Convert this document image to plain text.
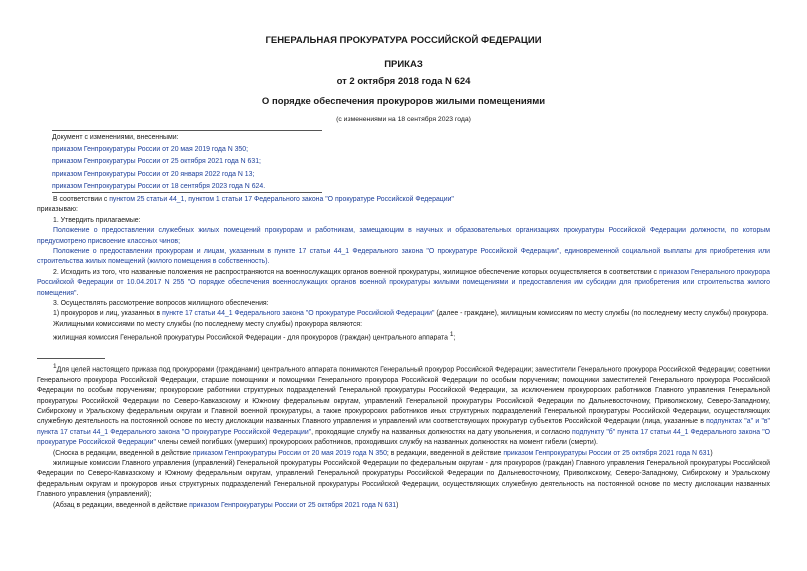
ГЕНЕРАЛЬНАЯ ПРОКУРАТУРА РОССИЙСКОЙ ФЕДЕРАЦИИ
ПРИКАЗ
от 2 октября 2018 года N 624
О порядке обеспечения прокуроров жилыми помещениями
(с изменениями на 18 сентября 2023 года)

Документ с изменениями, внесенными:

приказом Генпрокуратуры России от 20 мая 2019 года N 350;

приказом Генпрокуратуры России от 25 октября 2021 года N 631;

приказом Генпрокуратуры России от 20 января 2022 года N 13;

приказом Генпрокуратуры России от 18 сентября 2023 года N 624.

В соответствии с пунктом 25 статьи 44_1, пунктом 1 статьи 17 Федерального закона "О прокуратуре Российской Федерации"

приказываю:

1. Утвердить прилагаемые:

Положение о предоставлении служебных жилых помещений прокурорам и работникам, замещающим в научных и образовательных организациях прокуратуры Российской Федерации должности, по которым предусмотрено присвоение классных чинов;

Положение о предоставлении прокурорам и лицам, указанным в пункте 17 статьи 44_1 Федерального закона "О прокуратуре Российской Федерации", единовременной социальной выплаты для приобретения или строительства жилых помещений (жилого помещения в собственность).

2. Исходить из того, что названные положения не распространяются на военнослужащих органов военной прокуратуры, жилищное обеспечение которых осуществляется в соответствии с приказом Генерального прокурора Российской Федерации от 10.04.2017 N 255 "О порядке обеспечения военнослужащих органов военной прокуратуры жилыми помещениями и предоставления им субсидии для приобретения или строительства жилого помещения".

3. Осуществлять рассмотрение вопросов жилищного обеспечения:

1) прокуроров и лиц, указанных в пункте 17 статьи 44_1 Федерального закона "О прокуратуре Российской Федерации" (далее - граждане), жилищным комиссиям по месту службы (по последнему месту службы) прокурора.

Жилищными комиссиями по месту службы (по последнему месту службы) прокурора являются:

жилищная комиссия Генеральной прокуратуры Российской Федерации - для прокуроров (граждан) центрального аппарата $^1$;

$^1$Для целей настоящего приказа под прокурорами (гражданами) центрального аппарата понимаются Генеральный прокурор Российской Федерации; заместители Генерального прокурора Российской Федерации; советники Генерального прокурора Российской Федерации, старшие помощники и помощники Генерального прокурора Российской Федерации по особым поручениям; помощники заместителей Генерального прокурора Российской Федерации по особым поручениям; прокурорские работники структурных подразделений Генеральной прокуратуры Российской Федерации, за исключением прокурорских работников Главного управления Генеральной прокуратуры Российской Федерации по Северо-Кавказскому и Южному федеральным округам, управлений Генеральной прокуратуры Российской Федерации по Дальневосточному, Приволжскому, Северо-Западному, Сибирскому и Уральскому федеральным округам и Главной военной прокуратуры, а также прокурорских работников иных структурных подразделений Генеральной прокуратуры Российской Федерации, осуществляющих служебную деятельность на постоянной основе по месту дислокации названных Главного управления и управлений или соответствующих прокуратур субъектов Российской Федерации (лица, указанные в подпунктах "а" и "в" пункта 17 статьи 44_1 Федерального закона "О прокуратуре Российской Федерации", проходящие службу на названных должностях на дату увольнения, и согласно подпункту "б" пункта 17 статьи 44_1 Федерального закона "О прокуратуре Российской Федерации" члены семей погибших (умерших) прокурорских работников, проходивших службу на названных должностях на момент гибели (смерти).

(Сноска в редакции, введенной в действие приказом Генпрокуратуры России от 20 мая 2019 года N 350; в редакции, введенной в действие приказом Генпрокуратуры России от 25 октября 2021 года N 631)

жилищные комиссии Главного управления (управлений) Генеральной прокуратуры Российской Федерации по федеральным округам - для прокуроров (граждан) Главного управления Генеральной прокуратуры Российской Федерации по Северо-Кавказскому и Южному федеральным округам, управлений Генеральной прокуратуры Российской Федерации по Дальневосточному, Приволжскому, Северо-Западному, Сибирскому и Уральскому федеральным округам и прокуроров иных структурных подразделений Генеральной прокуратуры Российской Федерации, осуществляющих служебную деятельность на постоянной основе по месту дислокации названных Главного управления (управлений);

(Абзац в редакции, введенной в действие приказом Генпрокуратуры России от 25 октября 2021 года N 631)
